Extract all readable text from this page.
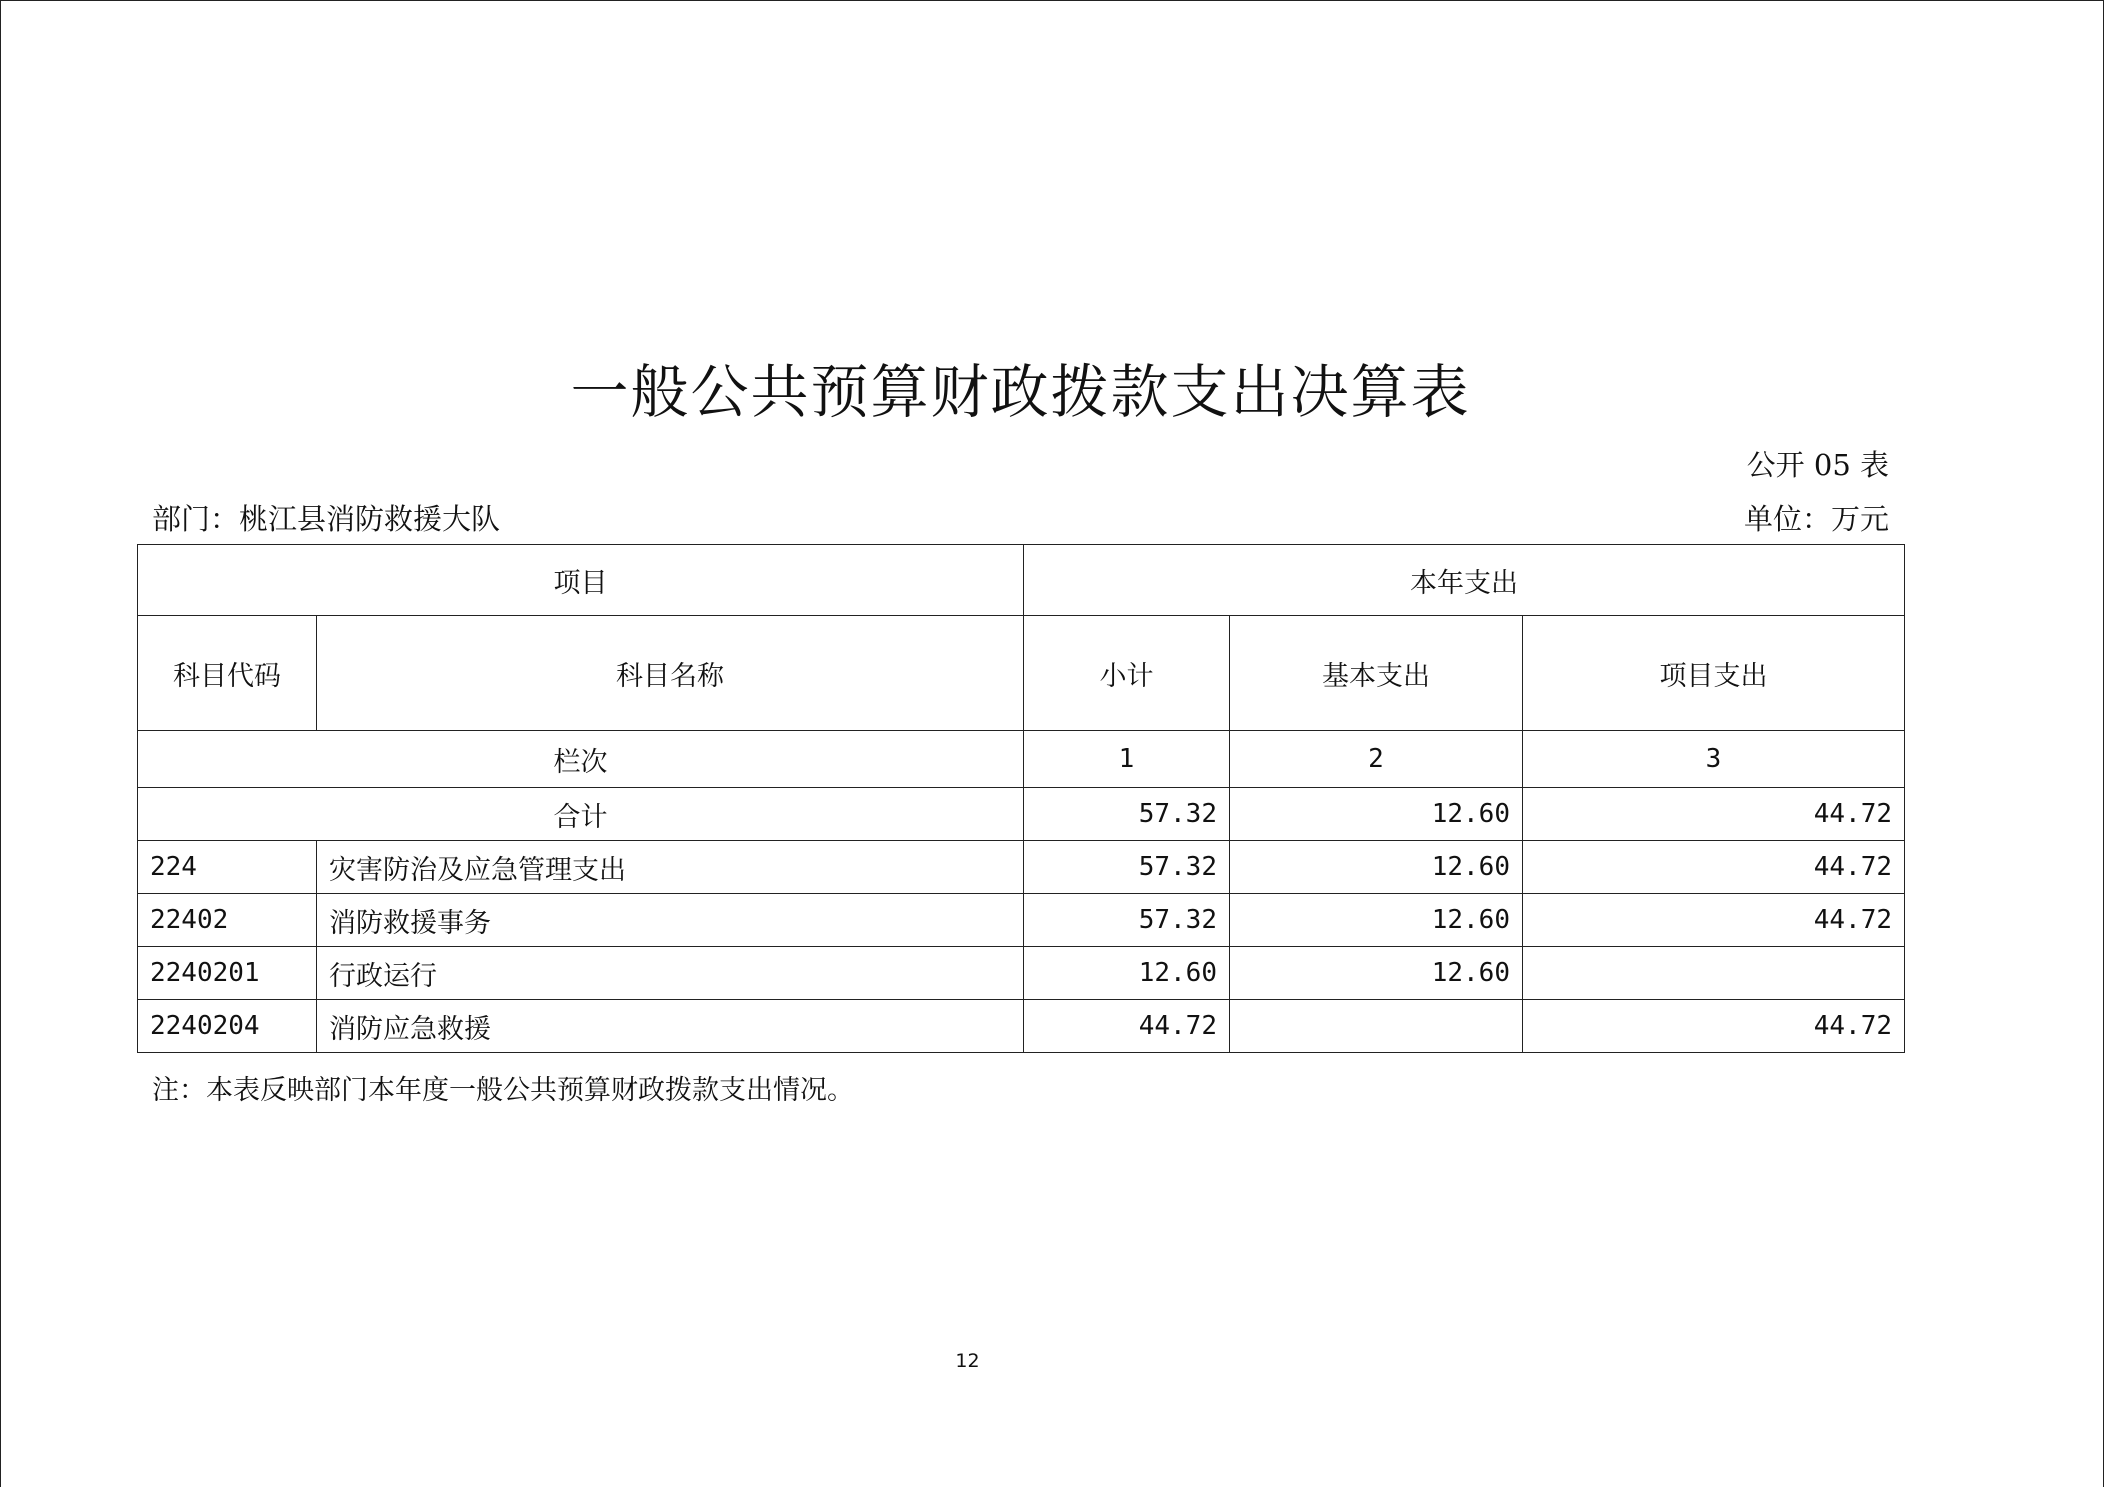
一般公共预算财政拨款支出决算表
公开 05 表
部门：桃江县消防救援大队	单位：万元
项目		本年支出		
科目代码	科目名称	小计	基本支出	项目支出
栏次		1	2	3
合计		57.32	12.60	44.72
224	灾害防治及应急管理支出	57.32	12.60	44.72
22402	消防救援事务	57.32	12.60	44.72
2240201	行政运行	12.60	12.60	
2240204	消防应急救援	44.72		44.72
注：本表反映部门本年度一般公共预算财政拨款支出情况。
12
